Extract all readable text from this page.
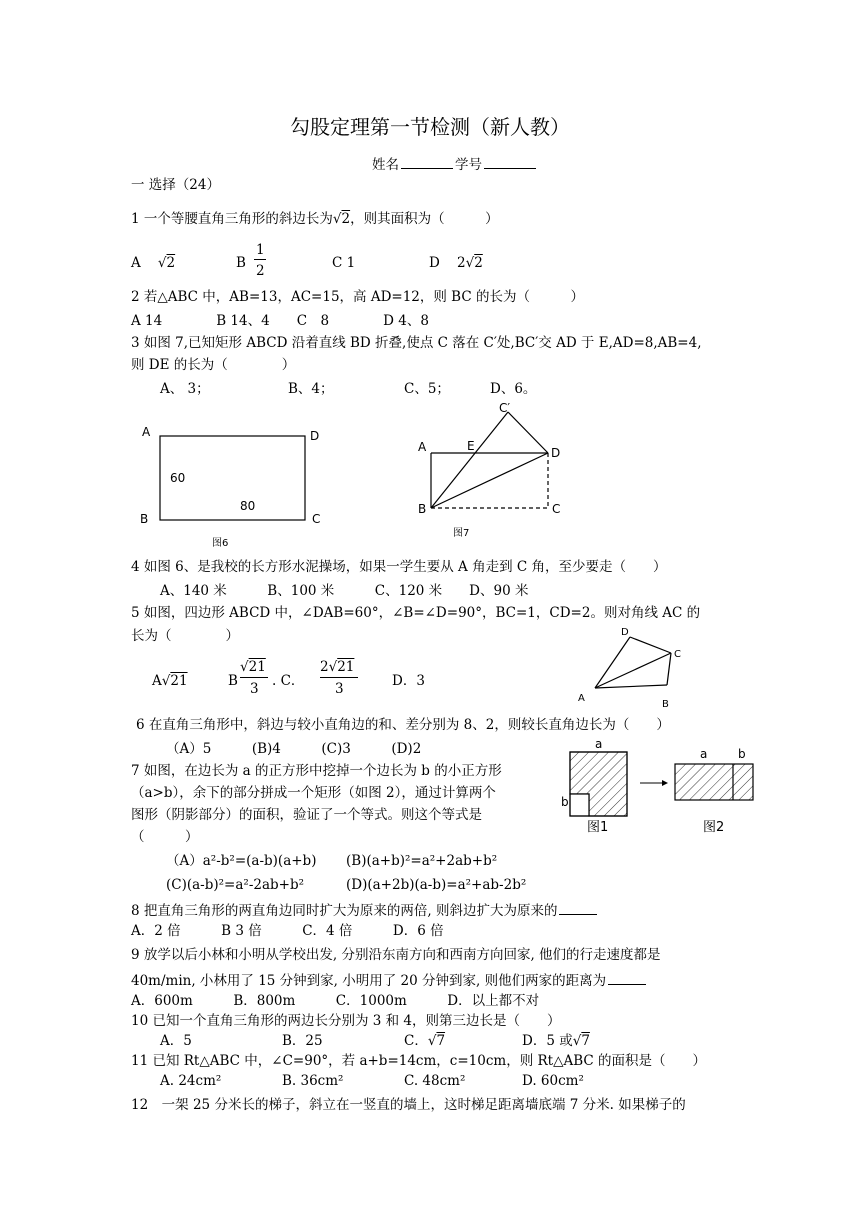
勾股定理第一节检测（新人教）
姓名	学号
一 选择（24）
1 一个等腰直角三角形的斜边长为√2，则其面积为（　　　）
A √2	B
1
2	C 1	D 2√2
2 若△ABC 中，AB=13，AC=15，高 AD=12，则 BC 的长为（　　　）
A 14　　　　B 14、4　　C　8　　　　D 4、8
3 如图 7,已知矩形 ABCD 沿着直线 BD 折叠,使点 C 落在 C′处,BC′交 AD 于 E,AD=8,AB=4,
则 DE 的长为（　　　　）
A、 3；	B、4；	C、5；	D、6。
A
B	C
D
60
80
图6
A
B	C
D
E
C′
图7
4 如图 6、是我校的长方形水泥操场，如果一学生要从 A 角走到 C 角，至少要走（　　）
A、140 米　　　B、100 米　　　C、120 米　　D、90 米
5 如图，四边形 ABCD 中，∠DAB=60°，∠B=∠D=90°，BC=1，CD=2。则对角线 AC 的
长为（　　　　）
A√21	B
√21
3 . C．
2√21
3	D．3
A
B
C
D
6 在直角三角形中，斜边与较小直角边的和、差分别为 8、2，则较长直角边长为（　　）
（A）5　　　(B)4　　　(C)3　　　(D)2
7 如图，在边长为 a 的正方形中挖掉一个边长为 b 的小正方形
（a>b），余下的部分拼成一个矩形（如图 2），通过计算两个
图形（阴影部分）的面积，验证了一个等式。则这个等式是
（　　　）
a
b
a	b
图1	图2
（A）a²-b²=(a-b)(a+b) (B)(a+b)²=a²+2ab+b²
(C)(a-b)²=a²-2ab+b²	(D)(a+2b)(a-b)=a²+ab-2b²
8 把直角三角形的两直角边同时扩大为原来的两倍, 则斜边扩大为原来的
A．2 倍　　　B 3 倍　　　C．4 倍　　　D．6 倍
9 放学以后小林和小明从学校出发, 分别沿东南方向和西南方向回家, 他们的行走速度都是
40m/min, 小林用了 15 分钟到家, 小明用了 20 分钟到家, 则他们两家的距离为
A．600m　　　B．800m　　　C．1000m　　　D．以上都不对
10 已知一个直角三角形的两边长分别为 3 和 4，则第三边长是（　　）
A．5	B．25	C．√7	D．5 或√7
11 已知 Rt△ABC 中，∠C=90°，若 a+b=14cm，c=10cm，则 Rt△ABC 的面积是（　　）
A. 24cm²	B. 36cm²	C. 48cm²	D. 60cm²
12　一架 25 分米长的梯子，斜立在一竖直的墙上，这时梯足距离墙底端 7 分米. 如果梯子的
